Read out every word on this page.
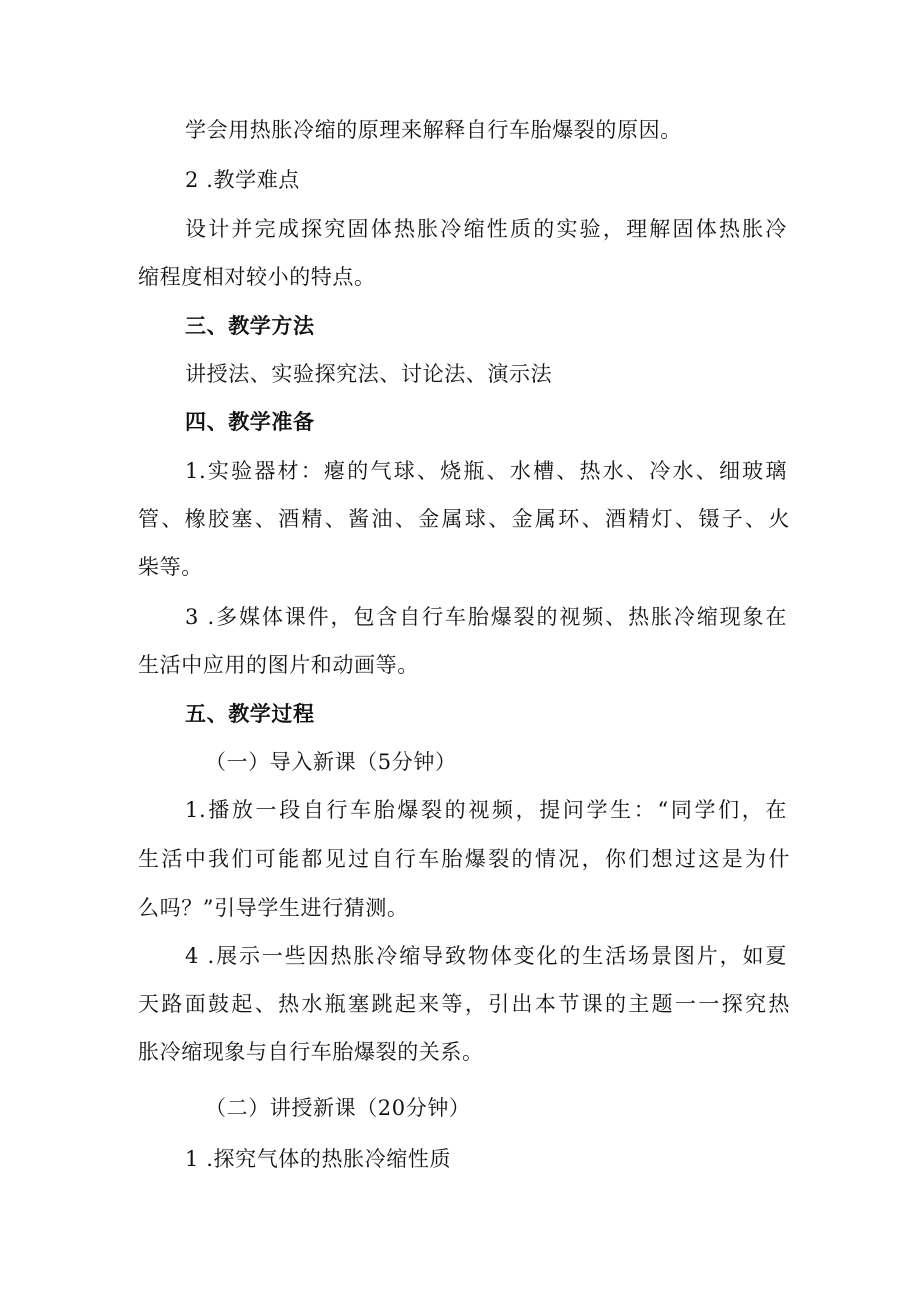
学会用热胀冷缩的原理来解释自行车胎爆裂的原因。
2 .教学难点
设计并完成探究固体热胀冷缩性质的实验，理解固体热胀冷
缩程度相对较小的特点。
三、教学方法
讲授法、实验探究法、讨论法、演示法
四、教学准备
1.实验器材：瘪的气球、烧瓶、水槽、热水、冷水、细玻璃
管、橡胶塞、酒精、酱油、金属球、金属环、酒精灯、镊子、火
柴等。
3 .多媒体课件，包含自行车胎爆裂的视频、热胀冷缩现象在
生活中应用的图片和动画等。
五、教学过程
（一）导入新课（5分钟）
1.播放一段自行车胎爆裂的视频，提问学生：“同学们，在
生活中我们可能都见过自行车胎爆裂的情况，你们想过这是为什
么吗？”引导学生进行猜测。
4 .展示一些因热胀冷缩导致物体变化的生活场景图片，如夏
天路面鼓起、热水瓶塞跳起来等，引出本节课的主题一一探究热
胀冷缩现象与自行车胎爆裂的关系。
（二）讲授新课（20分钟）
1 .探究气体的热胀冷缩性质
